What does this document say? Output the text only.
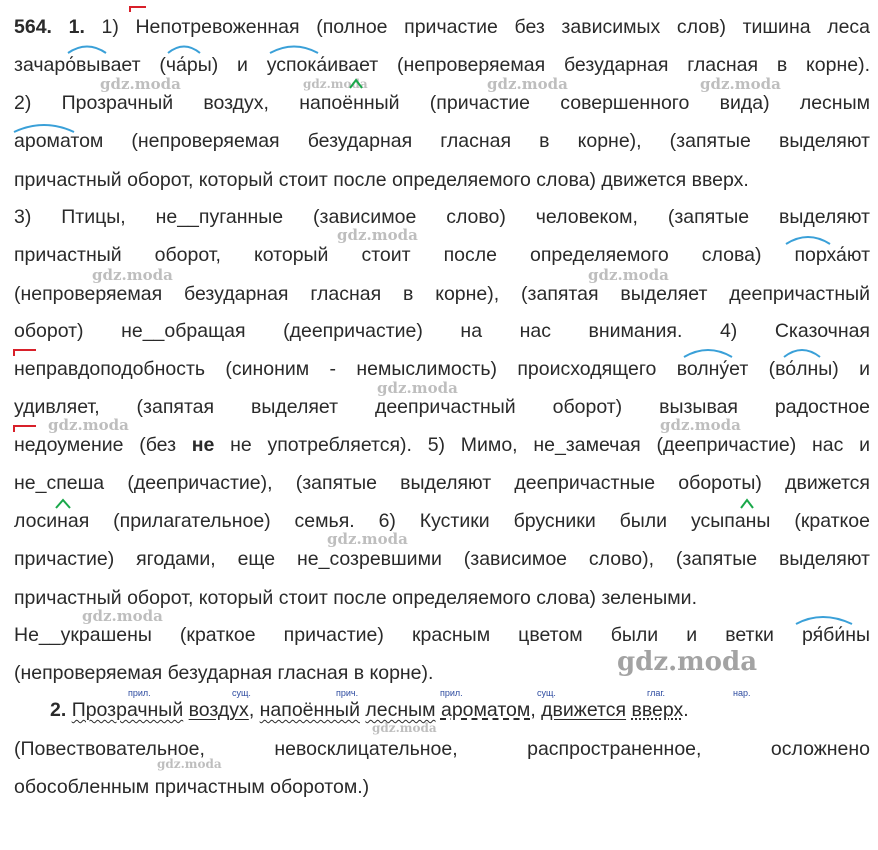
564. 1. 1) Непотревоженная (полное причастие без зависимых слов) тишина леса
зачаро́вывает (ча́ры) и успока́ивает (непроверяемая безударная гласная в корне).
2) Прозрачный воздух, напоённый (причастие совершенного вида) лесным
ароматом (непроверяемая безударная гласная в корне), (запятые выделяют
причастный оборот, который стоит после определяемого слова) движется вверх.
3) Птицы, не__пуганные (зависимое слово) человеком, (запятые выделяют
причастный оборот, который стоит после определяемого слова) порха́ют
(непроверяемая безударная гласная в корне), (запятая выделяет деепричастный
оборот) не__обращая (деепричастие) на нас внимания. 4) Сказочная
неправдоподобность (синоним - немыслимость) происходящего волну́ет (во́лны) и
удивляет, (запятая выделяет деепричастный оборот) вызывая радостное
недоумение (без не не употребляется). 5) Мимо, не_замечая (деепричастие) нас и
не_спеша (деепричастие), (запятые выделяют деепричастные обороты) движется
лосиная (прилагательное) семья. 6) Кустики брусники были усыпаны (краткое
причастие) ягодами, еще не_созревшими (зависимое слово), (запятые выделяют
причастный оборот, который стоит после определяемого слова) зелеными.
Не__украшены (краткое причастие) красным цветом были и ветки ря́би́ны
(непроверяемая безударная гласная в корне).
2. Прозрачный воздух, напоённый лесным ароматом, движется вверх.
прил.	сущ.	прич.	прил.	сущ.	глаг.	нар.
(Повествовательное, невосклицательное, распространенное, осложнено
обособленным причастным оборотом.)
gdz.moda
gdz.moda	gdz.moda	gdz.moda
gdz.moda
gdz.moda	gdz.moda
gdz.moda
gdz.moda	gdz.moda
gdz.moda
gdz.moda
gdz.moda
gdz.moda
gdz.moda
